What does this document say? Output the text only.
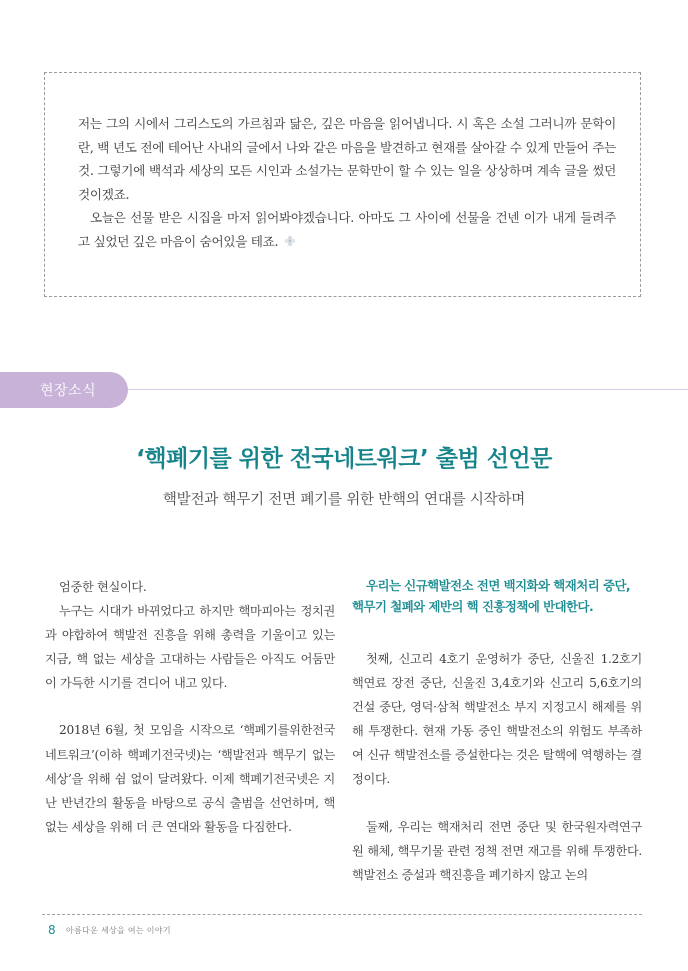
저는 그의 시에서 그리스도의 가르침과 닮은, 깊은 마음을 읽어냅니다. 시 혹은 소설 그러니까 문학이란, 백 년도 전에 테어난 사내의 글에서 나와 같은 마음을 발견하고 현재를 살아갈 수 있게 만들어 주는 것. 그렇기에 백석과 세상의 모든 시인과 소설가는 문학만이 할 수 있는 일을 상상하며 계속 글을 썼던 것이겠죠.

오늘은 선물 받은 시집을 마저 읽어봐야겠습니다. 아마도 그 사이에 선물을 건넨 이가 내게 들려주고 싶었던 깊은 마음이 숨어있을 테죠.

현장소식
‘핵폐기를 위한 전국네트워크’ 출범 선언문
핵발전과 핵무기 전면 폐기를 위한 반핵의 연대를 시작하며

엄중한 현실이다.

누구는 시대가 바뀌었다고 하지만 핵마피아는 정치권과 야합하여 핵발전 진흥을 위해 총력을 기울이고 있는 지금, 핵 없는 세상을 고대하는 사람들은 아직도 어둠만이 가득한 시기를 견디어 내고 있다.

2018년 6월, 첫 모임을 시작으로 ‘핵폐기를위한전국네트워크’(이하 핵폐기전국넷)는 ‘핵발전과 핵무기 없는 세상’을 위해 쉼 없이 달려왔다. 이제 핵폐기전국넷은 지난 반년간의 활동을 바탕으로 공식 출범을 선언하며, 핵 없는 세상을 위해 더 큰 연대와 활동을 다짐한다.

우리는 신규핵발전소 전면 백지화와 핵재처리 중단,
핵무기 철폐와 제반의 핵 진흥정책에 반대한다.

첫째, 신고리 4호기 운영허가 중단, 신울진 1.2호기 핵연료 장전 중단, 신울진 3,4호기와 신고리 5,6호기의 건설 중단, 영덕·삼척 핵발전소 부지 지정고시 해제를 위해 투쟁한다. 현재 가동 중인 핵발전소의 위험도 부족하여 신규 핵발전소를 증설한다는 것은 탈핵에 역행하는 결정이다.

둘째, 우리는 핵재처리 전면 중단 및 한국원자력연구원 해체, 핵무기물 관련 정책 전면 재고를 위해 투쟁한다. 핵발전소 증설과 핵진흥을 폐기하지 않고 논의

8 아름다운 세상을 여는 이야기
